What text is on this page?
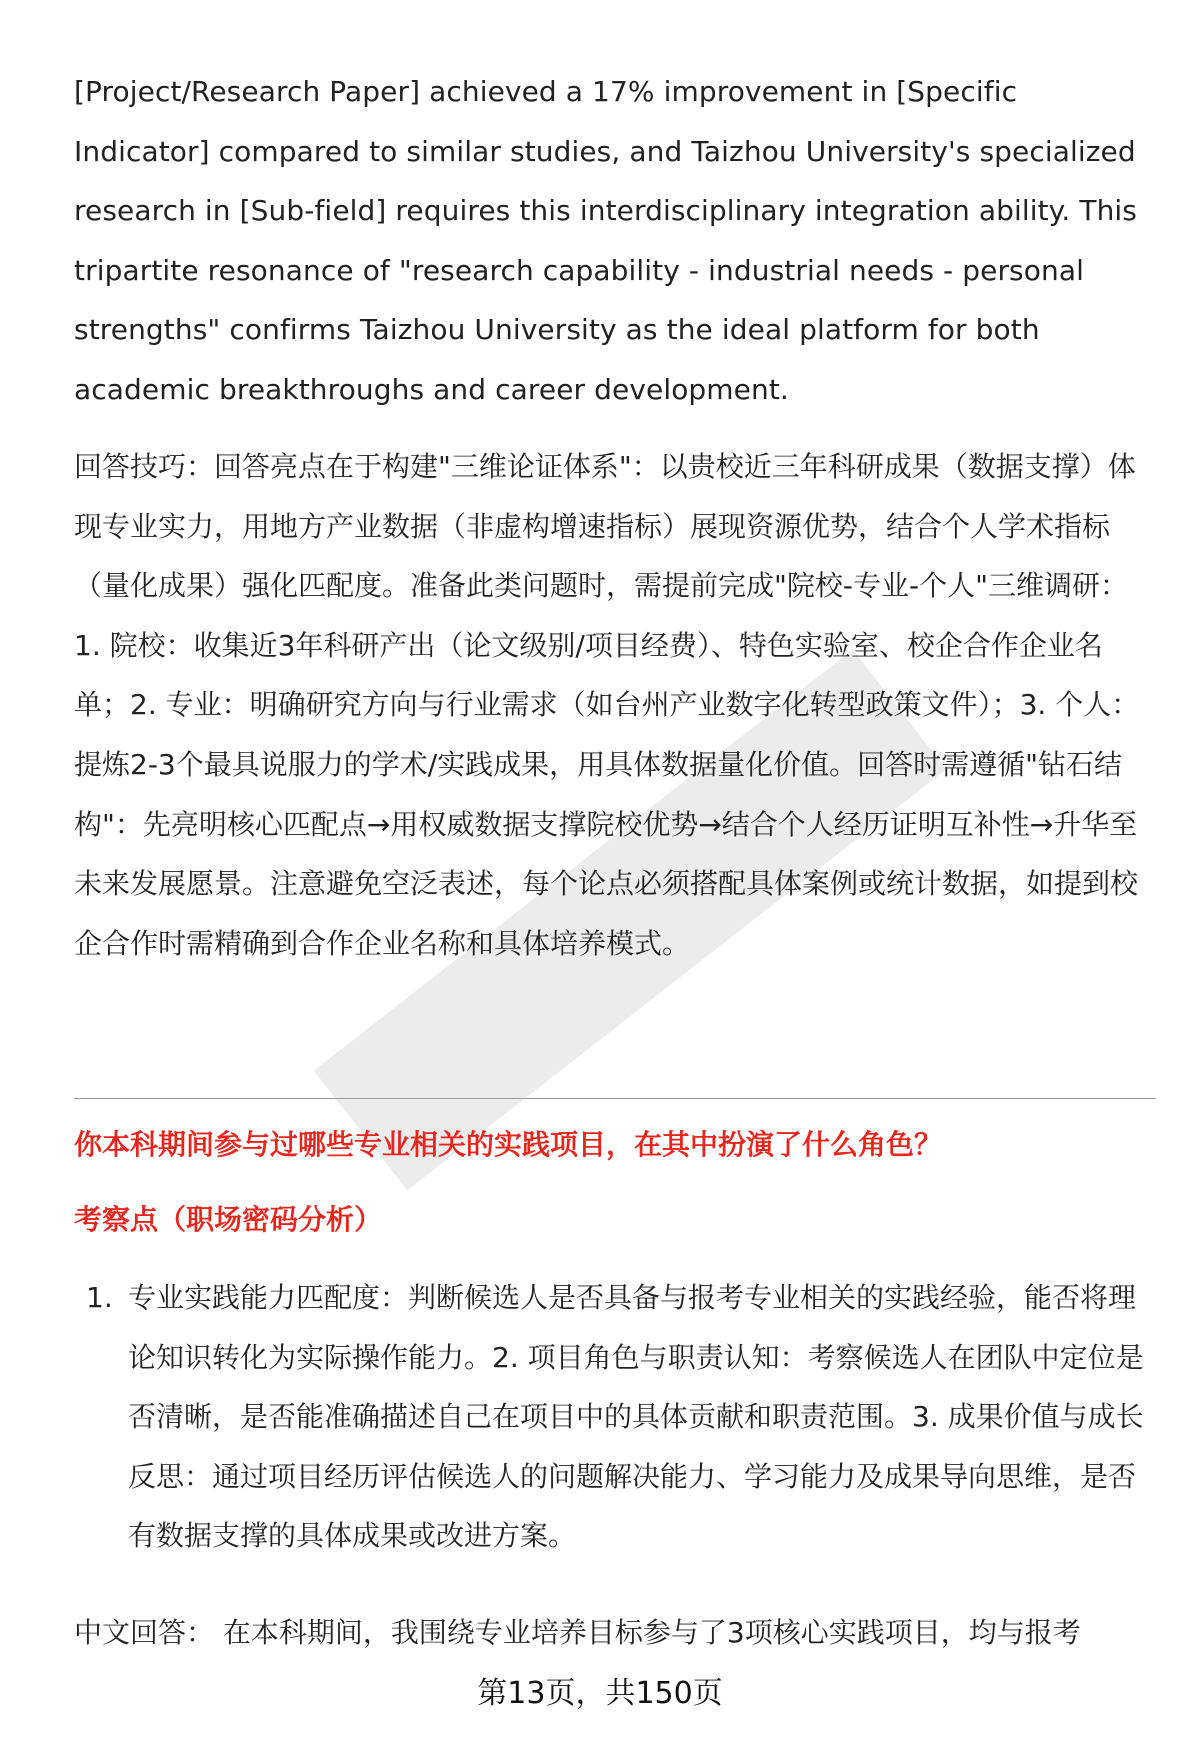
[Project/Research Paper] achieved a 17% improvement in [Specific Indicator] compared to similar studies, and Taizhou University's specialized research in [Sub-field] requires this interdisciplinary integration ability. This tripartite resonance of "research capability - industrial needs - personal strengths" confirms Taizhou University as the ideal platform for both academic breakthroughs and career development.

回答技巧：回答亮点在于构建"三维论证体系"：以贵校近三年科研成果（数据支撑）体现专业实力，用地方产业数据（非虚构增速指标）展现资源优势，结合个人学术指标（量化成果）强化匹配度。准备此类问题时，需提前完成"院校-专业-个人"三维调研：1. 院校：收集近3年科研产出（论文级别/项目经费）、特色实验室、校企合作企业名单；2. 专业：明确研究方向与行业需求（如台州产业数字化转型政策文件）；3. 个人：提炼2-3个最具说服力的学术/实践成果，用具体数据量化价值。回答时需遵循"钻石结构"：先亮明核心匹配点→用权威数据支撑院校优势→结合个人经历证明互补性→升华至未来发展愿景。注意避免空泛表述，每个论点必须搭配具体案例或统计数据，如提到校企合作时需精确到合作企业名称和具体培养模式。

你本科期间参与过哪些专业相关的实践项目，在其中扮演了什么角色？
考察点（职场密码分析）
1. 专业实践能力匹配度：判断候选人是否具备与报考专业相关的实践经验，能否将理论知识转化为实际操作能力。2. 项目角色与职责认知：考察候选人在团队中定位是否清晰，是否能准确描述自己在项目中的具体贡献和职责范围。3. 成果价值与成长反思：通过项目经历评估候选人的问题解决能力、学习能力及成果导向思维，是否有数据支撑的具体成果或改进方案。

中文回答： 在本科期间，我围绕专业培养目标参与了3项核心实践项目，均与报考

第13页，共150页
